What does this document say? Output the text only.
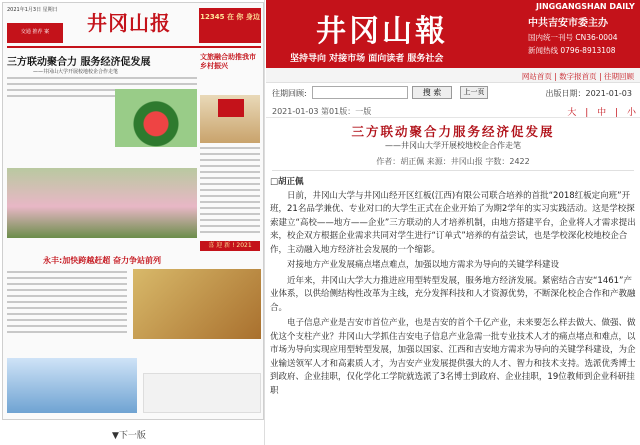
2021年1月3日 星期日
井冈山报
交通 推荐 案
12345 在 你 身边
三方联动聚合力 服务经济促发展
——井冈山大学开展校地校企合作走笔
文旅融合助推我市乡村振兴
喜 迎 新 ! 2021
永丰:加快跨越赶超 奋力争站前列
▼下一版
井冈山報
坚持导向 对接市场 面向读者 服务社会
JINGGANGSHAN DAILY
中共吉安市委主办
国内统一刊号 CN36-0004
新闻热线 0796-8913108
网站首页 | 数字报首页 | 往期回顾
往期回顾:	搜 索	上一页	出版日期：2021-01-03
2021-01-03 第01版：一版	大 | 中 | 小
三方联动聚合力服务经济促发展
——井冈山大学开展校地校企合作走笔
作者：胡正佩 来源：井冈山报 字数：2422

□胡正佩

日前，井冈山大学与井冈山经开区红板(江西)有限公司联合培养的首批“2018红板定向班”开班，21名品学兼优、专业对口的大学生正式在企业开始了为期2学年的实习实践活动。这是学校探索建立“高校——地方——企业”三方联动的人才培养机制，由地方搭建平台，企业将人才需求提出来，校企双方根据企业需求共同对学生进行“订单式”培养的有益尝试，也是学校深化校地校企合作，主动融入地方经济社会发展的一个缩影。

对接地方产业发展痛点堵点难点，加强以地方需求为导向的关键学科建设

近年来，井冈山大学大力推进应用型转型发展，服务地方经济发展。紧密结合吉安“1461”产业体系，以供给侧结构性改革为主线，充分发挥科技和人才资源优势，不断深化校企合作和产教融合。

电子信息产业是吉安市首位产业，也是吉安的首个千亿产业，未来要怎么样去做大、做强、做优这个支柱产业？井冈山大学抓住吉安电子信息产业急需一批专业技术人才的痛点堵点和难点，以市场为导向实现应用型转型发展，加强以国家、江西和吉安地方需求为导向的关键学科建设，为企业输送领军人才和高素质人才，为吉安产业发展提供强大的人才、智力和技术支持。选派优秀博士到政府、企业挂职，仅化学化工学院就选派了3名博士到政府、企业挂职，19位教师到企业科研挂职
